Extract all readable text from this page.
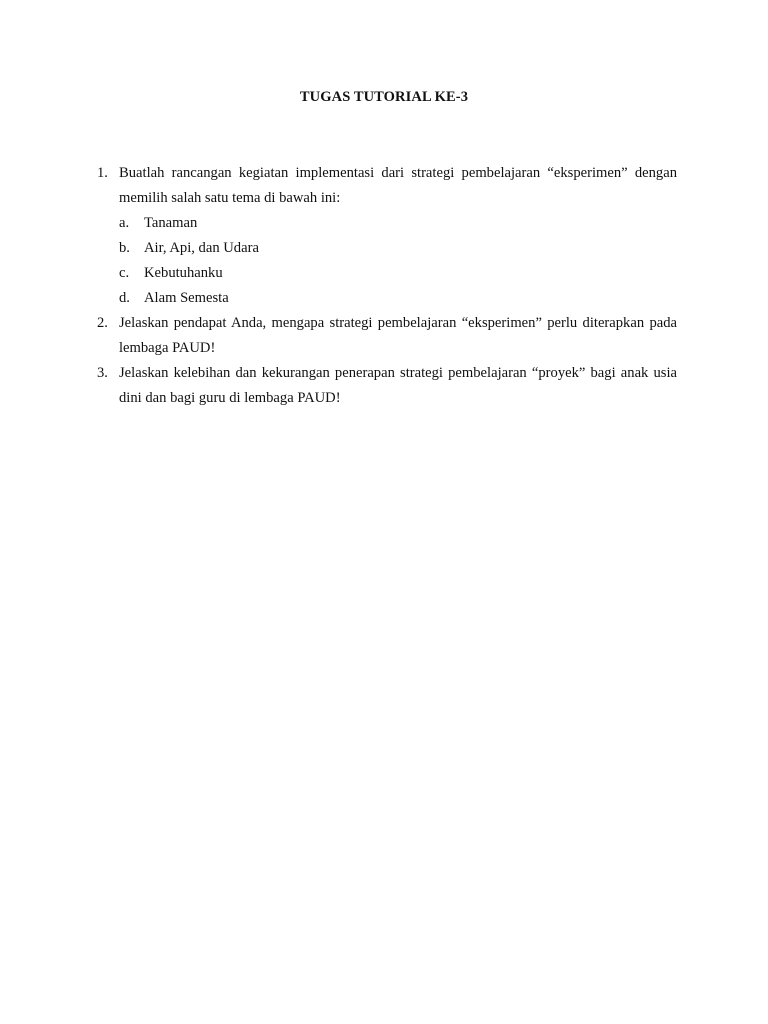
TUGAS TUTORIAL KE-3
1. Buatlah rancangan kegiatan implementasi dari strategi pembelajaran “eksperimen” dengan memilih salah satu tema di bawah ini:
a.	Tanaman
b. Air, Api, dan Udara
c.	Kebutuhanku
d. Alam Semesta
2. Jelaskan pendapat Anda, mengapa strategi pembelajaran “eksperimen” perlu diterapkan pada lembaga PAUD!
3. Jelaskan kelebihan dan kekurangan penerapan strategi pembelajaran “proyek” bagi anak usia dini dan bagi guru di lembaga PAUD!
